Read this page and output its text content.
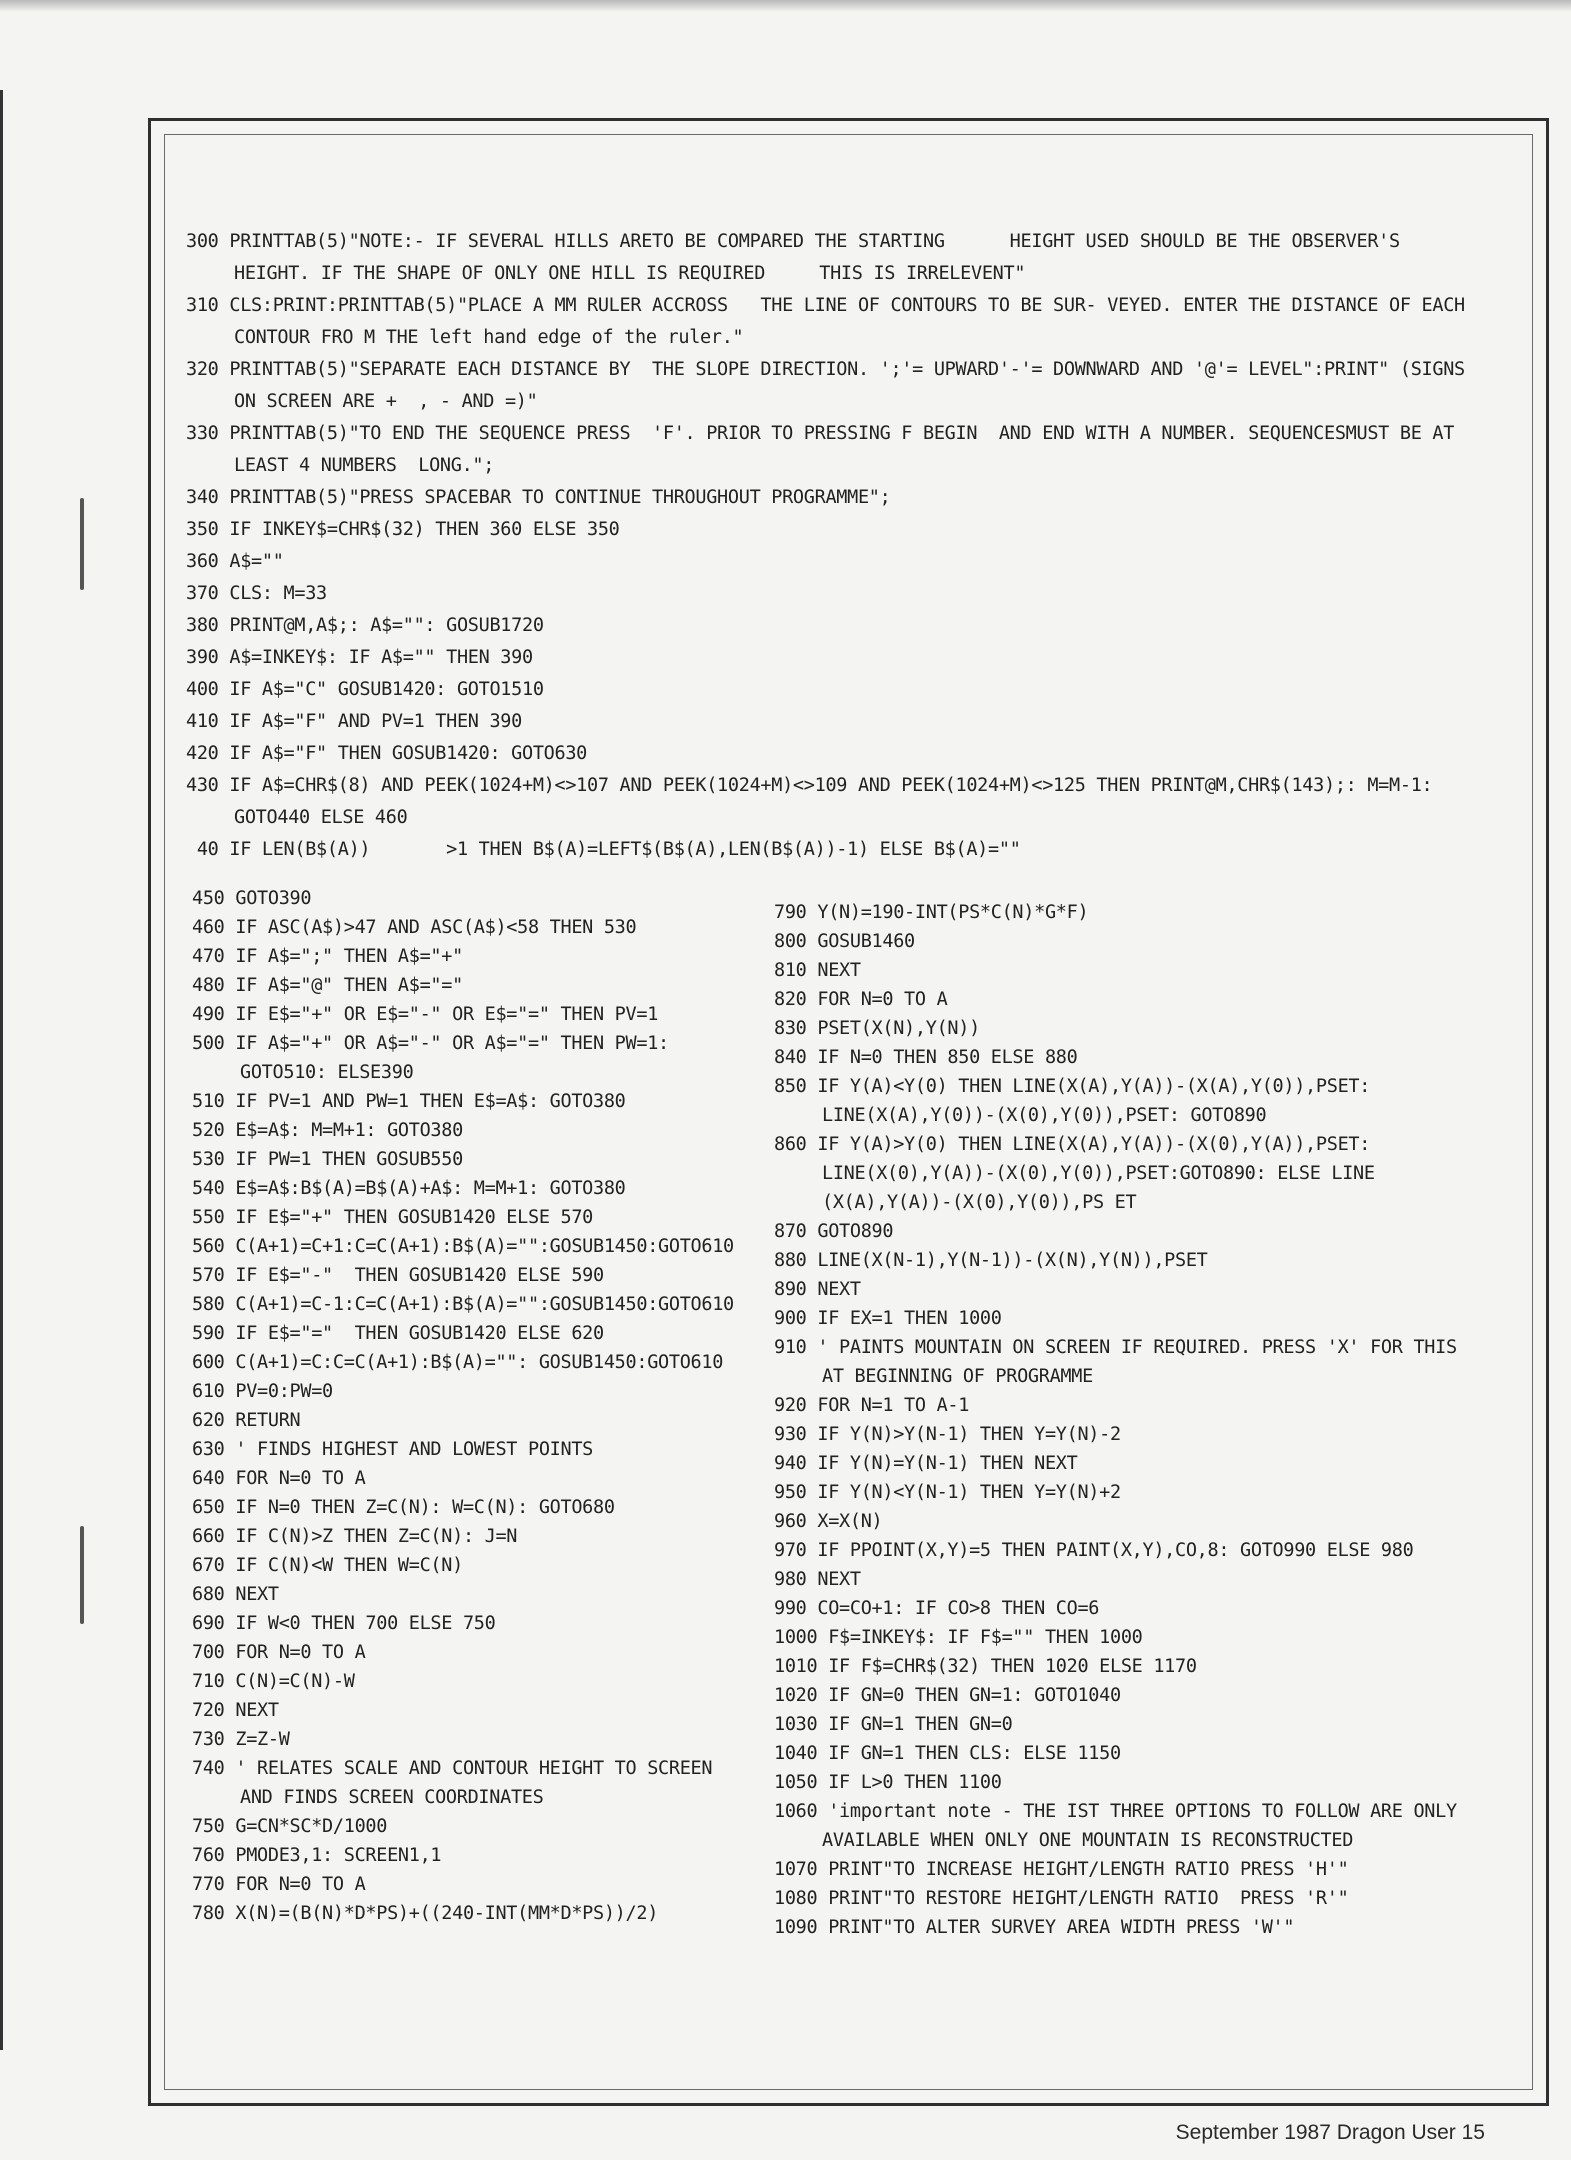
300 PRINTTAB(5)"NOTE:- IF SEVERAL HILLS ARETO BE COMPARED THE STARTING      HEIGHT USED SHOULD BE THE OBSERVER'S HEIGHT. IF THE SHAPE OF ONLY ONE HILL IS REQUIRED     THIS IS IRRELEVENT"
310 CLS:PRINT:PRINTTAB(5)"PLACE A MM RULER ACCROSS   THE LINE OF CONTOURS TO BE SUR- VEYED. ENTER THE DISTANCE OF EACH CONTOUR FRO M THE left hand edge of the ruler."
320 PRINTTAB(5)"SEPARATE EACH DISTANCE BY  THE SLOPE DIRECTION. ';'= UPWARD'-'= DOWNWARD AND '@'= LEVEL":PRINT" (SIGNS ON SCREEN ARE +  , - AND =)"
330 PRINTTAB(5)"TO END THE SEQUENCE PRESS  'F'. PRIOR TO PRESSING F BEGIN  AND END WITH A NUMBER. SEQUENCESMUST BE AT LEAST 4 NUMBERS  LONG.";
340 PRINTTAB(5)"PRESS SPACEBAR TO CONTINUE THROUGHOUT PROGRAMME";
350 IF INKEY$=CHR$(32) THEN 360 ELSE 350
360 A$=""
370 CLS: M=33
380 PRINT@M,A$;: A$="": GOSUB1720
390 A$=INKEY$: IF A$="" THEN 390
400 IF A$="C" GOSUB1420: GOTO1510
410 IF A$="F" AND PV=1 THEN 390
420 IF A$="F" THEN GOSUB1420: GOTO630
430 IF A$=CHR$(8) AND PEEK(1024+M)<>107 AND PEEK(1024+M)<>109 AND PEEK(1024+M)<>125 THEN PRINT@M,CHR$(143);: M=M-1: GOTO440 ELSE 460
40 IF LEN(B$(A))       >1 THEN B$(A)=LEFT$(B$(A),LEN(B$(A))-1) ELSE B$(A)=""
450 GOTO390
460 IF ASC(A$)>47 AND ASC(A$)<58 THEN 530
470 IF A$=";" THEN A$="+"
480 IF A$="@" THEN A$="="
490 IF E$="+" OR E$="-" OR E$="=" THEN PV=1
500 IF A$="+" OR A$="-" OR A$="=" THEN PW=1: GOTO510: ELSE390
510 IF PV=1 AND PW=1 THEN E$=A$: GOTO380
520 E$=A$: M=M+1: GOTO380
530 IF PW=1 THEN GOSUB550
540 E$=A$:B$(A)=B$(A)+A$: M=M+1: GOTO380
550 IF E$="+" THEN GOSUB1420 ELSE 570
560 C(A+1)=C+1:C=C(A+1):B$(A)="":GOSUB1450:GOTO610
570 IF E$="-"  THEN GOSUB1420 ELSE 590
580 C(A+1)=C-1:C=C(A+1):B$(A)="":GOSUB1450:GOTO610
590 IF E$="="  THEN GOSUB1420 ELSE 620
600 C(A+1)=C:C=C(A+1):B$(A)="": GOSUB1450:GOTO610
610 PV=0:PW=0
620 RETURN
630 ' FINDS HIGHEST AND LOWEST POINTS
640 FOR N=0 TO A
650 IF N=0 THEN Z=C(N): W=C(N): GOTO680
660 IF C(N)>Z THEN Z=C(N): J=N
670 IF C(N)<W THEN W=C(N)
680 NEXT
690 IF W<0 THEN 700 ELSE 750
700 FOR N=0 TO A
710 C(N)=C(N)-W
720 NEXT
730 Z=Z-W
740 ' RELATES SCALE AND CONTOUR HEIGHT TO SCREEN AND FINDS SCREEN COORDINATES
750 G=CN*SC*D/1000
760 PMODE3,1: SCREEN1,1
770 FOR N=0 TO A
780 X(N)=(B(N)*D*PS)+((240-INT(MM*D*PS))/2)
790 Y(N)=190-INT(PS*C(N)*G*F)
800 GOSUB1460
810 NEXT
820 FOR N=0 TO A
830 PSET(X(N),Y(N))
840 IF N=0 THEN 850 ELSE 880
850 IF Y(A)<Y(0) THEN LINE(X(A),Y(A))-(X(A),Y(0)),PSET: LINE(X(A),Y(0))-(X(0),Y(0)),PSET: GOTO890
860 IF Y(A)>Y(0) THEN LINE(X(A),Y(A))-(X(0),Y(A)),PSET: LINE(X(0),Y(A))-(X(0),Y(0)),PSET:GOTO890: ELSE LINE (X(A),Y(A))-(X(0),Y(0)),PS ET
870 GOTO890
880 LINE(X(N-1),Y(N-1))-(X(N),Y(N)),PSET
890 NEXT
900 IF EX=1 THEN 1000
910 ' PAINTS MOUNTAIN ON SCREEN IF REQUIRED. PRESS 'X' FOR THIS AT BEGINNING OF PROGRAMME
920 FOR N=1 TO A-1
930 IF Y(N)>Y(N-1) THEN Y=Y(N)-2
940 IF Y(N)=Y(N-1) THEN NEXT
950 IF Y(N)<Y(N-1) THEN Y=Y(N)+2
960 X=X(N)
970 IF PPOINT(X,Y)=5 THEN PAINT(X,Y),CO,8: GOTO990 ELSE 980
980 NEXT
990 CO=CO+1: IF CO>8 THEN CO=6
1000 F$=INKEY$: IF F$="" THEN 1000
1010 IF F$=CHR$(32) THEN 1020 ELSE 1170
1020 IF GN=0 THEN GN=1: GOTO1040
1030 IF GN=1 THEN GN=0
1040 IF GN=1 THEN CLS: ELSE 1150
1050 IF L>0 THEN 1100
1060 'important note - THE IST THREE OPTIONS TO FOLLOW ARE ONLY AVAILABLE WHEN ONLY ONE MOUNTAIN IS RECONSTRUCTED
1070 PRINT"TO INCREASE HEIGHT/LENGTH RATIO PRESS 'H'"
1080 PRINT"TO RESTORE HEIGHT/LENGTH RATIO  PRESS 'R'"
1090 PRINT"TO ALTER SURVEY AREA WIDTH PRESS 'W'"
September 1987 Dragon User 15
